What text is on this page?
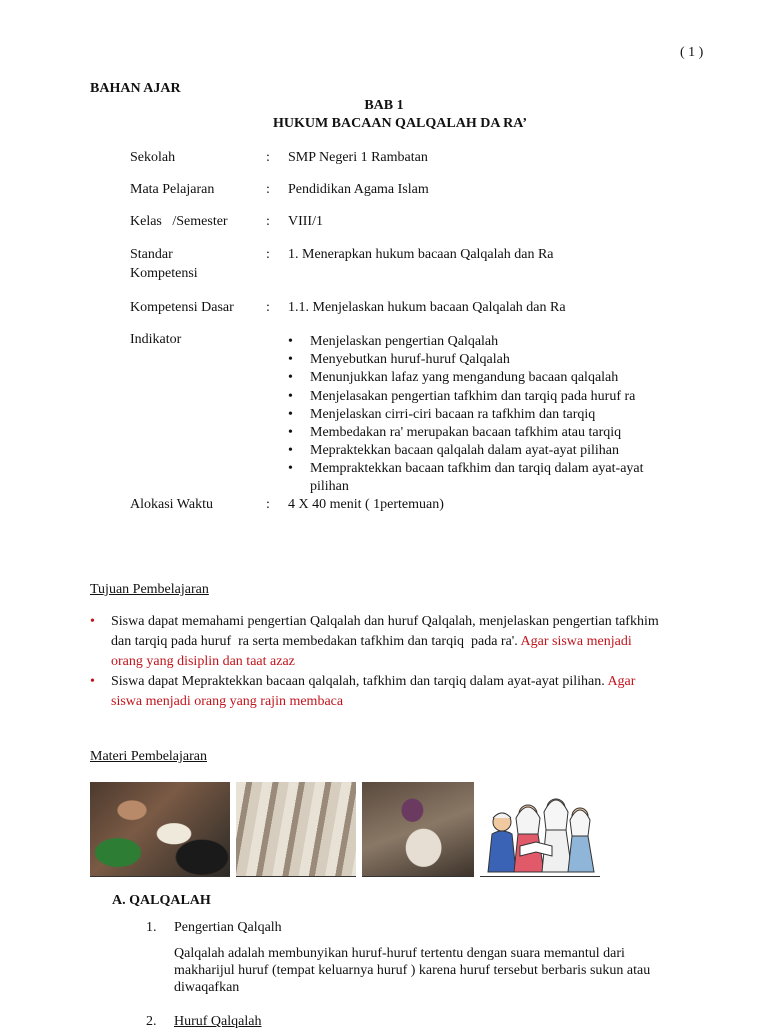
( 1 )
BAHAN AJAR
BAB 1
HUKUM BACAAN QALQALAH DA RA’
Sekolah	: SMP Negeri 1 Rambatan
Mata Pelajaran	: Pendidikan Agama Islam
Kelas   /Semester	: VIII/1
Standar
Kompetensi
: 1. Menerapkan hukum bacaan Qalqalah dan Ra
Kompetensi Dasar : 1.1. Menjelaskan hukum bacaan Qalqalah dan Ra
Indikator
•	Menjelaskan pengertian Qalqalah
• Menyebutkan huruf-huruf Qalqalah
• Menunjukkan lafaz yang mengandung bacaan qalqalah
• Menjelasakan pengertian tafkhim dan tarqiq pada huruf ra
• Menjelaskan cirri-ciri bacaan ra tafkhim dan tarqiq
• Membedakan ra' merupakan bacaan tafkhim atau tarqiq
• Mepraktekkan bacaan qalqalah dalam ayat-ayat pilihan
• Mempraktekkan bacaan tafkhim dan tarqiq dalam ayat-ayat
pilihan
Alokasi Waktu	: 4 X 40 menit ( 1pertemuan)
Tujuan Pembelajaran
• Siswa dapat memahami pengertian Qalqalah dan huruf Qalqalah, menjelaskan pengertian tafkhim
dan tarqiq pada huruf  ra serta membedakan tafkhim dan tarqiq  pada ra'. Agar siswa menjadi
orang yang disiplin dan taat azaz
• Siswa dapat Mepraktekkan bacaan qalqalah, tafkhim dan tarqiq dalam ayat-ayat pilihan. Agar
siswa menjadi orang yang rajin membaca
Materi Pembelajaran
A. QALQALAH
1. Pengertian Qalqalh
Qalqalah adalah membunyikan huruf-huruf tertentu dengan suara memantul dari
makharijul huruf (tempat keluarnya huruf ) karena huruf tersebut berbaris sukun atau
diwaqafkan
2. Huruf Qalqalah
